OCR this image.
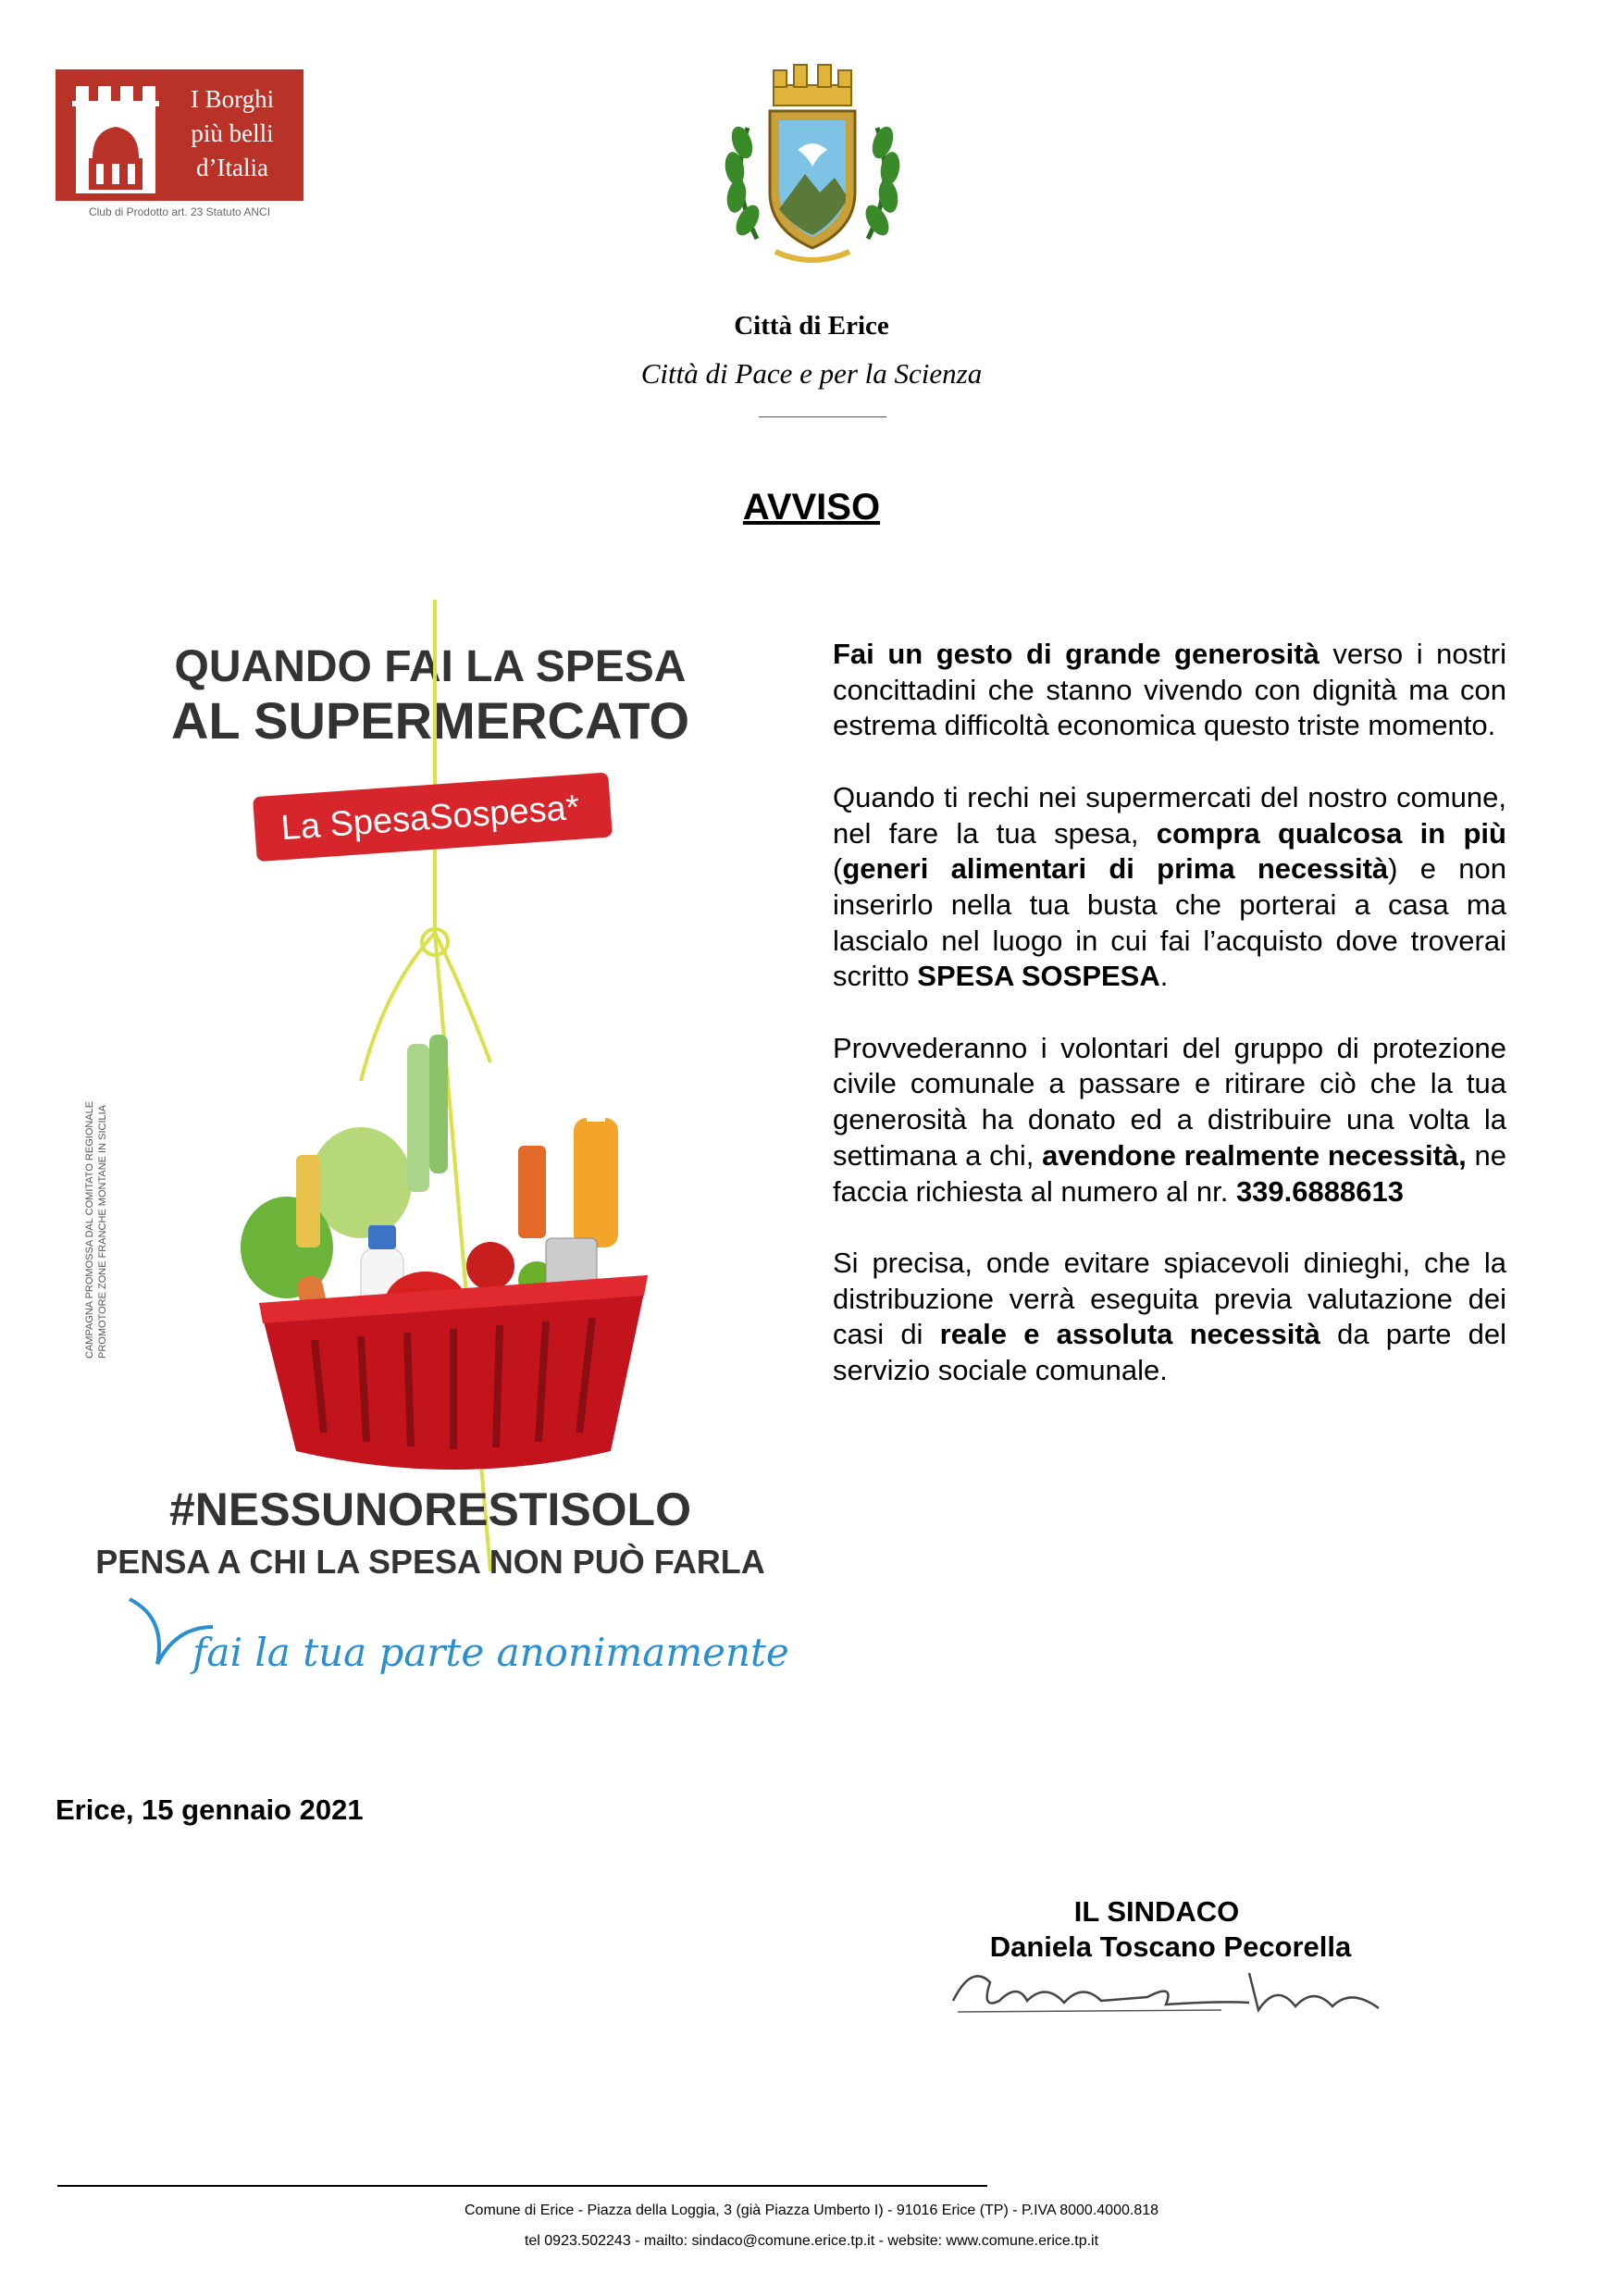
I Borghi
più belli
d’Italia
Club di Prodotto art. 23 Statuto ANCI
Città di Erice
Città di Pace e per la Scienza
AVVISO
QUANDO FAI LA SPESA
AL SUPERMERCATO
La SpesaSospesa*
CAMPAGNA PROMOSSA DAL COMITATO REGIONALE PROMOTORE ZONE FRANCHE MONTANE IN SICILIA
#NESSUNORESTISOLO
PENSA A CHI LA SPESA NON PUÒ FARLA
fai la tua parte anonimamente

Fai un gesto di grande generosità verso i nostri concittadini che stanno vivendo con dignità ma con estrema difficoltà economica questo triste momento.

Quando ti rechi nei supermercati del nostro comune, nel fare la tua spesa, compra qualcosa in più (generi alimentari di prima necessità) e non inserirlo nella tua busta che porterai a casa ma lascialo nel luogo in cui fai l’acquisto dove troverai scritto SPESA SOSPESA.

Provvederanno i volontari del gruppo di protezione civile comunale a passare e ritirare ciò che la tua generosità ha donato ed a distribuire una volta la settimana a chi, avendone realmente necessità, ne faccia richiesta al numero al nr. 339.6888613

Si precisa, onde evitare spiacevoli dinieghi, che la distribuzione verrà eseguita previa valutazione dei casi di reale e assoluta necessità da parte del servizio sociale comunale.

Erice, 15 gennaio 2021
IL SINDACO
Daniela Toscano Pecorella
Comune di Erice - Piazza della Loggia, 3 (già Piazza Umberto I) - 91016 Erice (TP) - P.IVA 8000.4000.818
tel 0923.502243 - mailto: sindaco@comune.erice.tp.it - website: www.comune.erice.tp.it
